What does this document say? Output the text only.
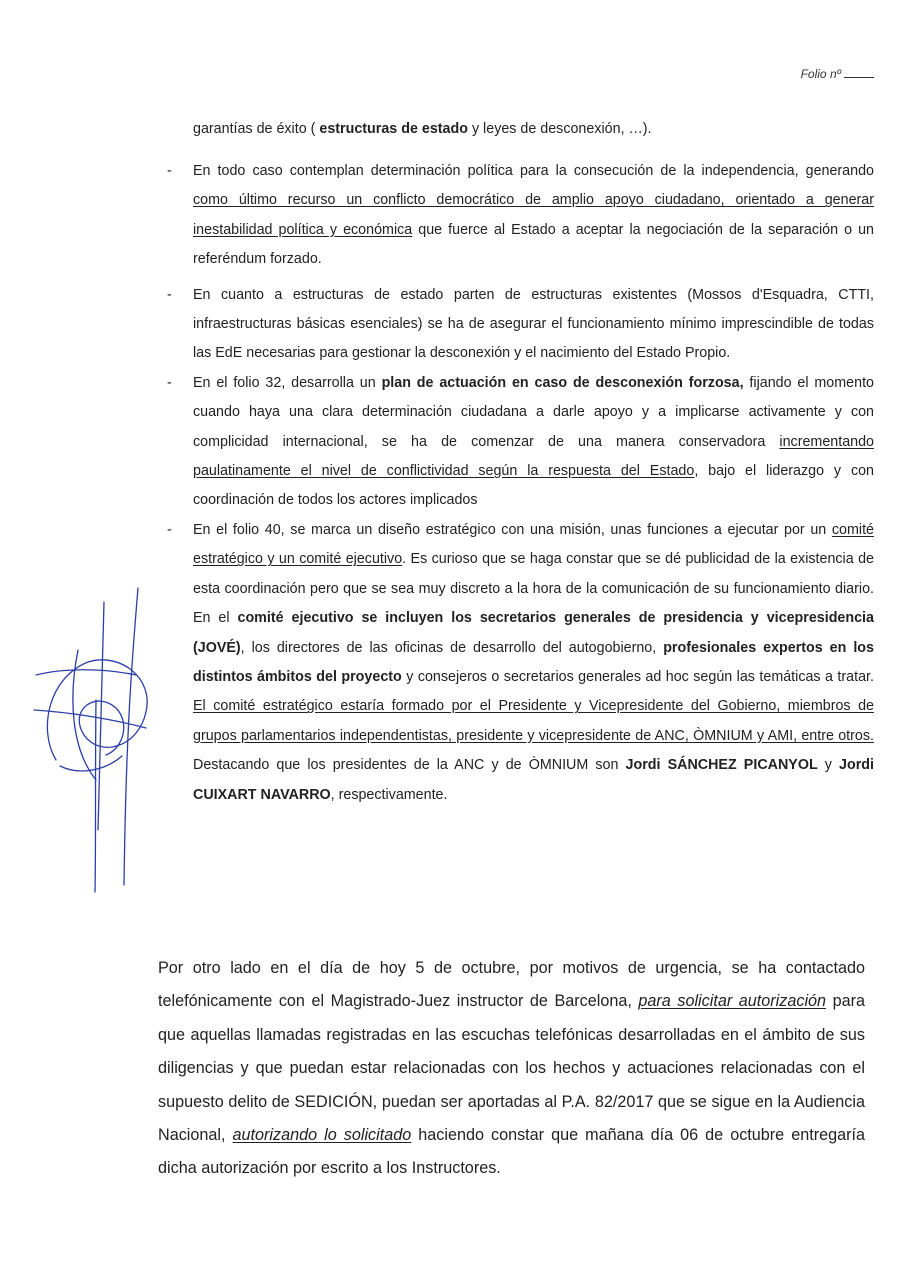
Folio nº

garantías de éxito ( estructuras de estado y leyes de desconexión, …).

- En todo caso contemplan determinación política para la consecución de la independencia, generando como último recurso un conflicto democrático de amplio apoyo ciudadano, orientado a generar inestabilidad política y económica que fuerce al Estado a aceptar la negociación de la separación o un referéndum forzado.
- En cuanto a estructuras de estado parten de estructuras existentes (Mossos d'Esquadra, CTTI, infraestructuras básicas esenciales) se ha de asegurar el funcionamiento mínimo imprescindible de todas las EdE necesarias para gestionar la desconexión y el nacimiento del Estado Propio.
- En el folio 32, desarrolla un plan de actuación en caso de desconexión forzosa, fijando el momento cuando haya una clara determinación ciudadana a darle apoyo y a implicarse activamente y con complicidad internacional, se ha de comenzar de una manera conservadora incrementando paulatinamente el nivel de conflictividad según la respuesta del Estado, bajo el liderazgo y con coordinación de todos los actores implicados
- En el folio 40, se marca un diseño estratégico con una misión, unas funciones a ejecutar por un comité estratégico y un comité ejecutivo. Es curioso que se haga constar que se dé publicidad de la existencia de esta coordinación pero que se sea muy discreto a la hora de la comunicación de su funcionamiento diario. En el comité ejecutivo se incluyen los secretarios generales de presidencia y vicepresidencia (JOVÉ), los directores de las oficinas de desarrollo del autogobierno, profesionales expertos en los distintos ámbitos del proyecto y consejeros o secretarios generales ad hoc según las temáticas a tratar. El comité estratégico estaría formado por el Presidente y Vicepresidente del Gobierno, miembros de grupos parlamentarios independentistas, presidente y vicepresidente de ANC, ÒMNIUM y AMI, entre otros. Destacando que los presidentes de la ANC y de ÒMNIUM son Jordi SÁNCHEZ PICANYOL y Jordi CUIXART NAVARRO, respectivamente.

Por otro lado en el día de hoy 5 de octubre, por motivos de urgencia, se ha contactado telefónicamente con el Magistrado-Juez instructor de Barcelona, para solicitar autorización para que aquellas llamadas registradas en las escuchas telefónicas desarrolladas en el ámbito de sus diligencias y que puedan estar relacionadas con los hechos y actuaciones relacionadas con el supuesto delito de SEDICIÓN, puedan ser aportadas al P.A. 82/2017 que se sigue en la Audiencia Nacional, autorizando lo solicitado haciendo constar que mañana día 06 de octubre entregaría dicha autorización por escrito a los Instructores.
